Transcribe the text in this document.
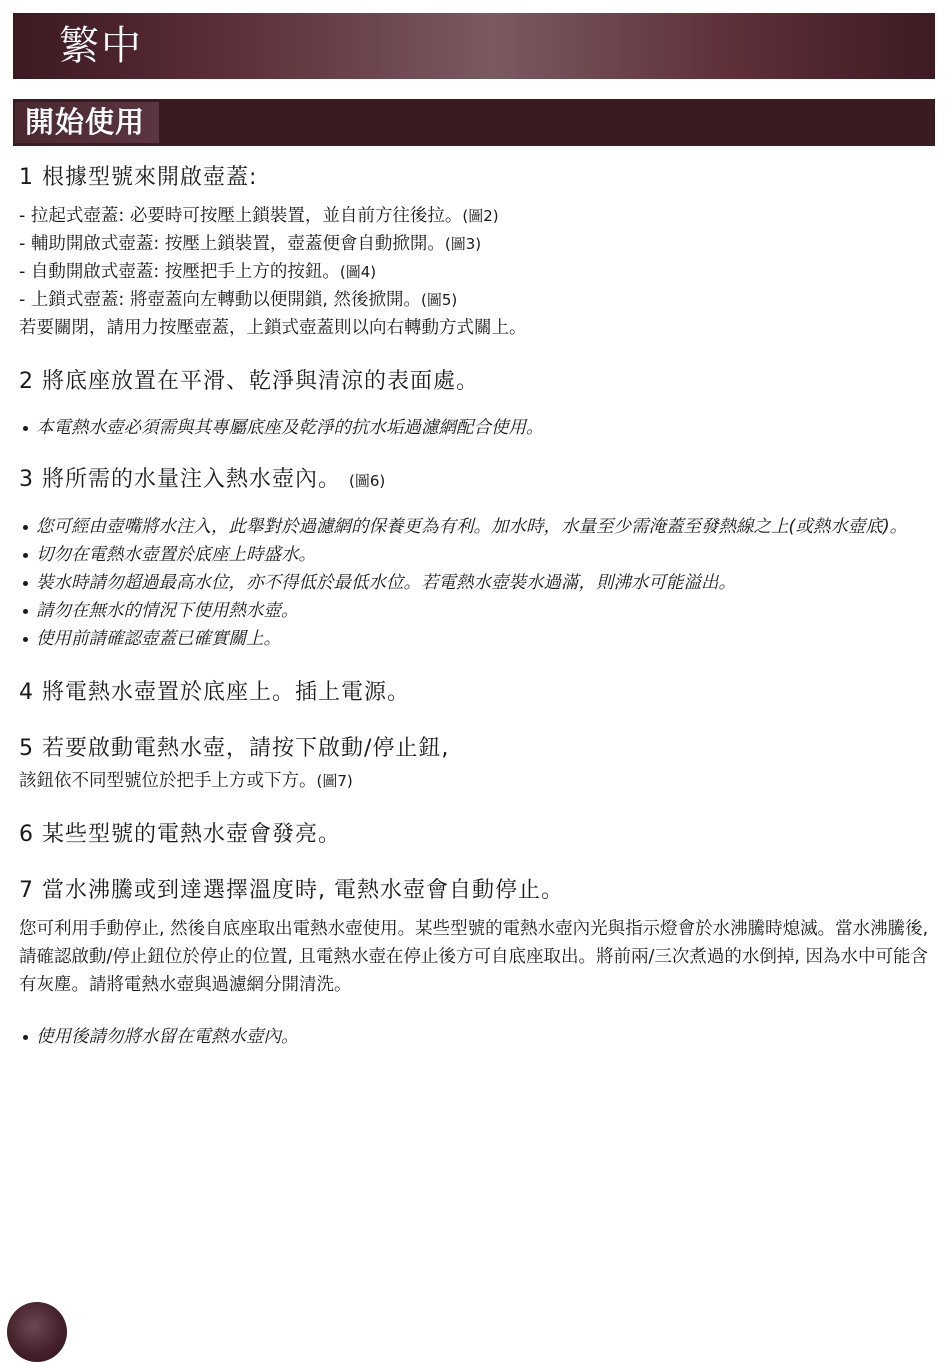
繁中
開始使用
1 根據型號來開啟壺蓋:

- 拉起式壺蓋: 必要時可按壓上鎖裝置，並自前方往後拉。(圖2)

- 輔助開啟式壺蓋: 按壓上鎖裝置，壺蓋便會自動掀開。(圖3)

- 自動開啟式壺蓋: 按壓把手上方的按鈕。(圖4)

- 上鎖式壺蓋: 將壺蓋向左轉動以便開鎖, 然後掀開。(圖5)

若要關閉，請用力按壓壺蓋，上鎖式壺蓋則以向右轉動方式關上。

2 將底座放置在平滑、乾淨與清涼的表面處。
本電熱水壺必須需與其專屬底座及乾淨的抗水垢過濾網配合使用。
3 將所需的水量注入熱水壺內。 (圖6)
您可經由壺嘴將水注入，此舉對於過濾網的保養更為有利。加水時，水量至少需淹蓋至發熱線之上(或熱水壺底)。
切勿在電熱水壺置於底座上時盛水。
裝水時請勿超過最高水位，亦不得低於最低水位。若電熱水壺裝水過滿，則沸水可能溢出。
請勿在無水的情況下使用熱水壺。
使用前請確認壺蓋已確實關上。
4 將電熱水壺置於底座上。插上電源。
5 若要啟動電熱水壺，請按下啟動/停止鈕,

該鈕依不同型號位於把手上方或下方。(圖7)

6 某些型號的電熱水壺會發亮。
7 當水沸騰或到達選擇溫度時, 電熱水壺會自動停止。

您可利用手動停止, 然後自底座取出電熱水壺使用。某些型號的電熱水壺內光與指示燈會於水沸騰時熄滅。當水沸騰後, 請確認啟動/停止鈕位於停止的位置, 且電熱水壺在停止後方可自底座取出。將前兩/三次煮過的水倒掉, 因為水中可能含有灰塵。請將電熱水壺與過濾網分開清洗。

使用後請勿將水留在電熱水壺內。
